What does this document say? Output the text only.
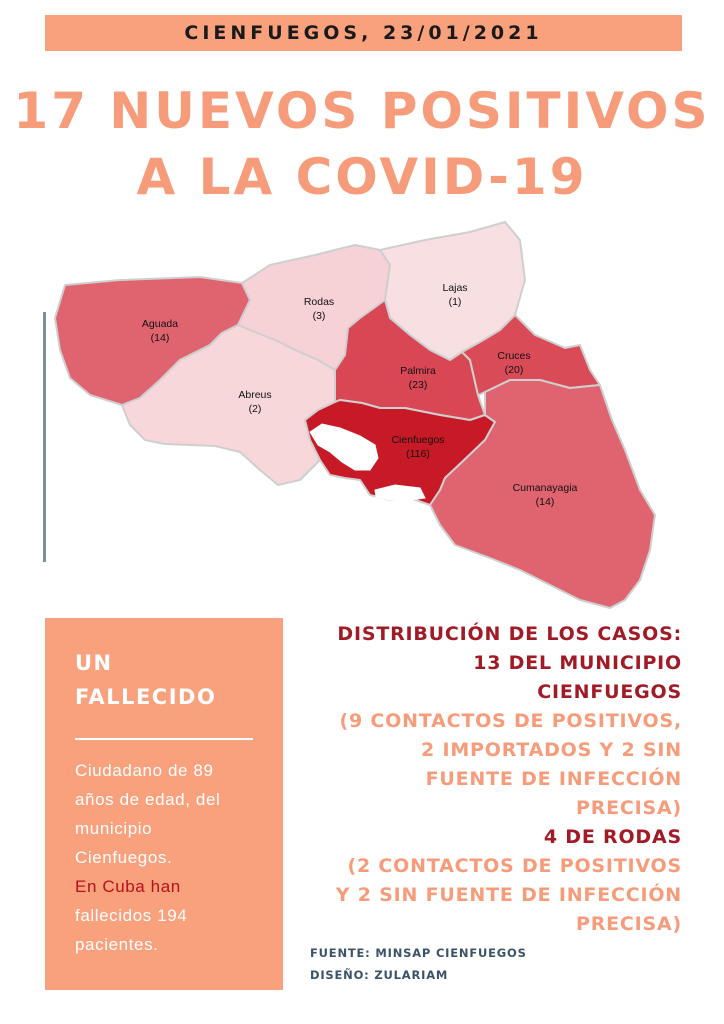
CIENFUEGOS, 23/01/2021
17 NUEVOS POSITIVOS
A LA COVID-19
Aguada
(14)
Rodas
(3)
Lajas
(1)
Abreus
(2)
Palmira
(23)
Cruces
(20)
Cienfuegos
(116)
Cumanayagia
(14)
UN
FALLECIDO
Ciudadano de 89
años de edad, del
municipio
Cienfuegos.
En Cuba han
fallecidos 194
pacientes.
DISTRIBUCIÓN DE LOS CASOS:
13 DEL MUNICIPIO
CIENFUEGOS
(9 CONTACTOS DE POSITIVOS,
2 IMPORTADOS Y 2 SIN
FUENTE DE INFECCIÓN
PRECISA)
4 DE RODAS
(2 CONTACTOS DE POSITIVOS
Y 2 SIN FUENTE DE INFECCIÓN
PRECISA)
FUENTE: MINSAP CIENFUEGOS
DISEÑO: ZULARIAM
